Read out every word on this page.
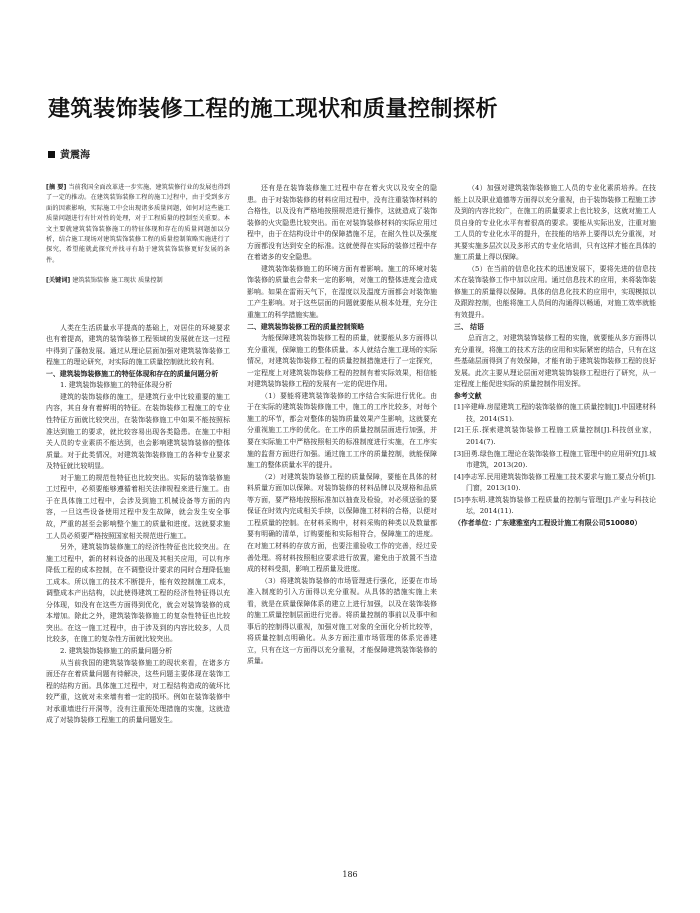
建筑装饰装修工程的施工现状和质量控制探析
黄震海

[摘 要] 当前我国全面改革进一步实施，建筑装修行业的发展也得到了一定的推动。在建筑装饰装修工程的施工过程中，由于受到多方面的因素影响，实际施工中会出现诸多质量问题，如何对这些施工质量问题进行有针对性的处理，对于工程质量的控制至关重要。本文主要就建筑装饰装修施工的特征体现和存在的质量问题加以分析，结合施工现场对建筑装饰装修工程的质量控制策略实施进行了探究，希望能就此探究并找寻有助于建筑装饰装修更好发展的条件。

[关键词] 建筑装饰装修 施工现状 质量控制

人类在生活质量水平提高的基础上，对居住的环境要求也有着提高，建筑的装饰装修工程领域的发展就在这一过程中得到了蓬勃发展。通过从理论层面加强对建筑装饰装修工程施工的理论研究，对实际的施工质量控制就比较有利。

一、建筑装饰装修施工的特征体现和存在的质量问题分析

1. 建筑装饰装修施工的特征体现分析

建筑的装饰装修的施工，是建筑行业中比较重要的施工内容，其自身有着鲜明的特征。在装饰装修工程施工的专业性特征方面就比较突出，在装饰装修施工中如果不能按照标准达到施工的要求，就比较容易出现各类隐患。在施工中相关人员的专业素质不能达到，也会影响建筑装饰装修的整体质量。对于此类情况，对建筑装饰装修施工的各种专业要求及特征就比较明显。

对于施工的规范性特征也比较突出。实际的装饰装修施工过程中，必须要能够遵循着相关法律规程来进行施工。由于在具体施工过程中，会涉及到施工机械设备等方面的内容，一旦这些设备使用过程中发生故障，就会发生安全事故，严重的甚至会影响整个施工的质量和进度。这就要求施工人员必须要严格按照国家相关规范进行施工。

另外，建筑装饰装修施工的经济性特征也比较突出。在施工过程中，新的材料设备的出现及其相关应用，可以有序降低工程的成本控制，在不调整设计要求的同时合理降低施工成本。所以施工的技术不断提升，能有效控制施工成本，调整成本产出结构，以此使得建筑工程的经济性特征得以充分体现，如没有在这些方面得到优化，就会对装饰装修的成本增加。除此之外，建筑装饰装修施工的复杂性特征也比较突出。在这一施工过程中，由于涉及到的内容比较多，人员比较多，在施工的复杂性方面就比较突出。

2. 建筑装饰装修施工的质量问题分析

从当前我国的建筑装饰装修施工的现状来看，在诸多方面还存在着质量问题有待解决，这些问题主要体现在装饰工程的结构方面。具体施工过程中，对工程结构造成的破坏比较严重，这就对未来墙有着一定的损坏。例如在装饰装修中对承重墙进行开洞等，没有注重预处理措施的实施，这就造成了对装饰装修工程施工的质量问题发生。

还有是在装饰装修施工过程中存在着火灾以及安全的隐患。由于对装饰装修的材料应用过程中，没有注重装饰材料的合格性，以及没有严格地按照规范进行操作，这就造成了装饰装修的火灾隐患比较突出。而在对装饰装修材料的实际应用过程中，由于在结构设计中的保障措施不足，在耐久性以及强度方面都没有达到安全的标准。这就使得在实际的装修过程中存在着诸多的安全隐患。

建筑装饰装修施工的环境方面有着影响。施工的环境对装饰装修的质量也会带来一定的影响，对施工的整体进度会造成影响。如果在雷雨天气下，在湿度以及温度方面都会对装饰施工产生影响。对于这些层面的问题就要能从根本处理，充分注重施工的科学措施实施。

二、建筑装饰装修工程的质量控制策略

为能保障建筑装饰装修工程的质量，就要能从多方面得以充分重视，保障施工的整体质量。本人就结合施工现场的实际情况，对建筑装饰装修工程的质量控制措施进行了一定探究，一定程度上对建筑装饰装修工程的控制有着实际效果，相信能对建筑装饰装修工程的发展有一定的促进作用。

（1）要能将建筑装饰装修的工序结合实际进行优化。由于在实际的建筑装饰装修施工中，施工的工序比较多，对每个施工的环节，都会对整体的装饰质量效果产生影响，这就要充分重视施工工序的优化。在工序的质量控制层面进行加强，并要在实际施工中严格按照相关的标准制度进行实施，在工序实施的监督方面进行加强。通过施工工序的质量控制，就能保障施工的整体质量水平的提升。

（2）对建筑装饰装修工程的质量保障，要能在具体的材料质量方面加以保障。对装饰装修的材料品牌以及规格和品质等方面，要严格地按照标准加以抽查及检验，对必须送验的要保证在时效内完成相关手续，以保障施工材料的合格，以便对工程质量的控制。在材料采购中，材料采购的种类以及数量都要有明确的清单，订购要能和实际相符合，保障施工的进度。在对施工材料的存放方面，也要注重验收工作的完善，经过妥善处理。将材料按照相应要求进行放置，避免由于放置不当造成的材料受损，影响工程质量及进度。

（3）将建筑装饰装修的市场管理进行强化，还要在市场准入制度的引入方面得以充分重视。从具体的措施实施上来看，就是在质量保障体系的建立上进行加强，以及在装饰装修的施工质量控制层面进行完善。将质量控制的事前以及事中和事后的控制得以重视，加强对施工对象的全面化分析比较等，将质量控制点明确化。从多方面注重市场管理的体系完善建立，只有在这一方面得以充分重视，才能保障建筑装饰装修的质量。

（4）加强对建筑装饰装修施工人员的专业化素质培养。在技能上以及职业道德等方面得以充分重视，由于装饰装修工程施工涉及到的内容比较广，在施工的质量要求上也比较多，这就对施工人员自身的专业化水平有着很高的要求。要能从实际出发，注重对施工人员的专业化水平的提升，在技能的培养上要得以充分重视，对其要实施多层次以及多形式的专业化培训，只有这样才能在具体的施工质量上得以保障。

（5）在当前的信息化技术的迅速发展下，要将先进的信息技术在装饰装修工作中加以应用。通过信息技术的应用，来将装饰装修施工的质量得以保障。具体的信息化技术的应用中，实现模拟以及跟踪控制，也能将施工人员间的沟通得以畅通，对施工效率就能有效提升。

三、 结语

总而言之，对建筑装饰装修工程的实施，就要能从多方面得以充分重视，将施工的技术方法的应用和实际紧密的结合，只有在这些基础层面得到了有效保障，才能有助于建筑装饰装修工程的良好发展。此次主要从理论层面对建筑装饰装修工程进行了研究，从一定程度上能促进实际的质量控制作用发挥。

参考文献

[1]辛建峰.房屋建筑工程的装饰装修的施工质量控制[J].中国建材科技，2014(S1).

[2]王乐.探索建筑装饰装修工程施工质量控制[J].科技创业家，2014(7).

[3]田勇.绿色施工理论在装饰装修工程施工管理中的应用研究[J].城市建筑，2013(20).

[4]李志军.民用建筑装饰装修工程施工技术要求与施工要点分析[J].门窗，2013(10).

[5]李东明.建筑装饰装修工程质量的控制与管理[J].产业与科技论坛，2014(11).

（作者单位：广东建雅室内工程设计施工有限公司510080）

186
